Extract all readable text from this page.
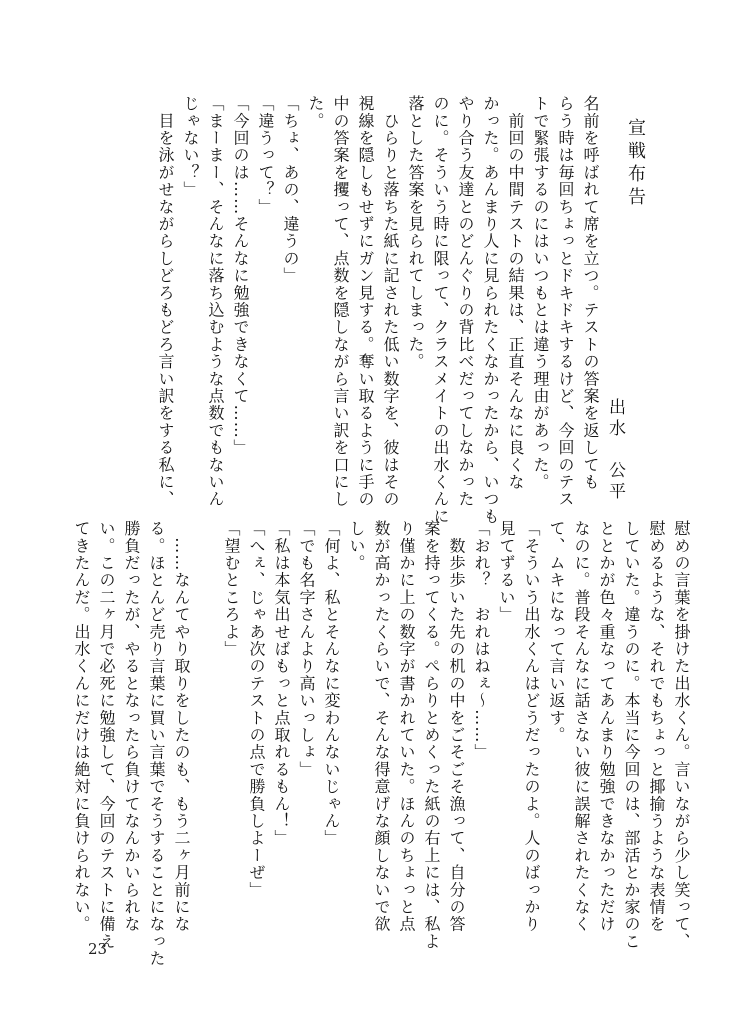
宣戦布告
出水　公平
名前を呼ばれて席を立つ。テストの答案を返しても
らう時は毎回ちょっとドキドキするけど、今回のテス
トで緊張するのにはいつもとは違う理由があった。
　前回の中間テストの結果は、正直そんなに良くな
かった。あんまり人に見られたくなかったから、いつも
やり合う友達とのどんぐりの背比べだってしなかった
のに。そういう時に限って、クラスメイトの出水くんに
落とした答案を見られてしまった。
　ひらりと落ちた紙に記された低い数字を、彼はその
視線を隠しもせずにガン見する。奪い取るように手の
中の答案を攫って、点数を隠しながら言い訳を口にし
た。
「ちょ、あの、違うの」
「違うって？」
「今回のは……そんなに勉強できなくて……」
「まーまー、そんなに落ち込むような点数でもないん
じゃない？」
　目を泳がせながらしどろもどろ言い訳をする私に、
慰めの言葉を掛けた出水くん。言いながら少し笑って、
慰めるような、それでもちょっと揶揄うような表情を
していた。違うのに。本当に今回のは、部活とか家のこ
ととかが色々重なってあんまり勉強できなかっただけ
なのに。普段そんなに話さない彼に誤解されたくなく
て、ムキになって言い返す。
「そういう出水くんはどうだったのよ。人のばっかり
見てずるい」
「おれ？　おれはねぇ〜……」
　数歩歩いた先の机の中をごそごそ漁って、自分の答
案を持ってくる。ぺらりとめくった紙の右上には、私よ
り僅かに上の数字が書かれていた。ほんのちょっと点
数が高かったくらいで、そんな得意げな顔しないで欲
しい。
「何よ、私とそんなに変わんないじゃん」
「でも名字さんより高いっしょ」
「私は本気出せばもっと点取れるもん！」
「へぇ、じゃあ次のテストの点で勝負しよーぜ」
「望むところよ」

　……なんてやり取りをしたのも、もう二ヶ月前にな
る。ほとんど売り言葉に買い言葉でそうすることになった
勝負だったが、やるとなったら負けてなんかいられな
い。この二ヶ月で必死に勉強して、今回のテストに備え
てきたんだ。出水くんにだけは絶対に負けられない。
23
